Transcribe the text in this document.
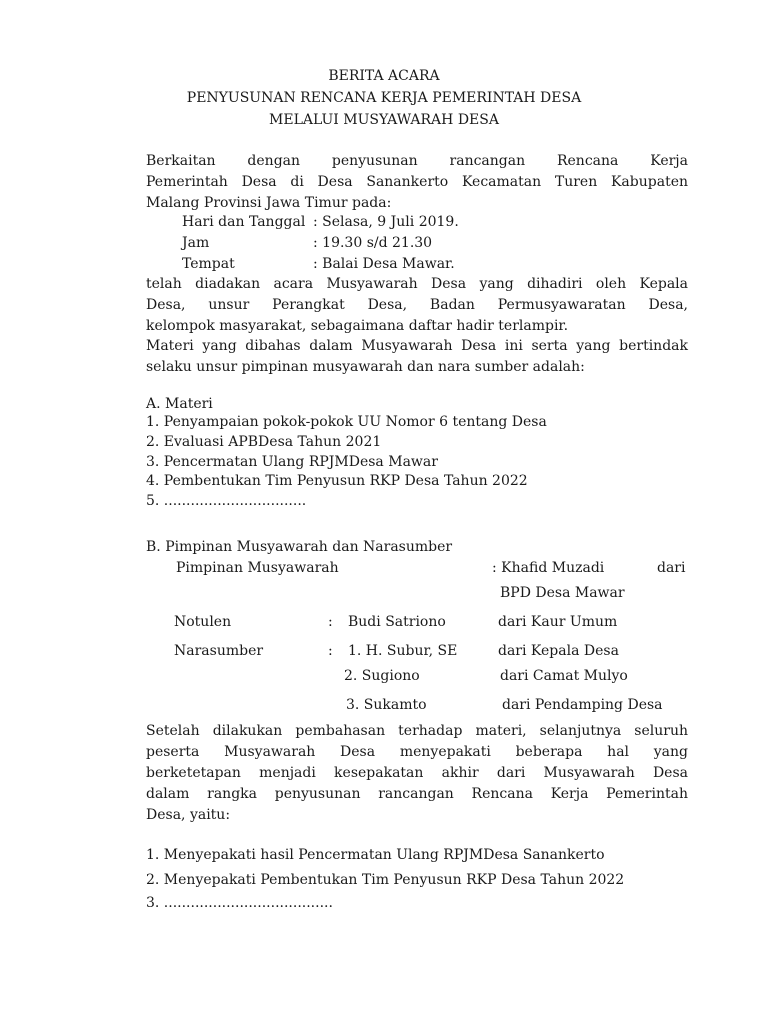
BERITA ACARA
PENYUSUNAN RENCANA KERJA PEMERINTAH DESA
MELALUI MUSYAWARAH DESA
Berkaitan dengan penyusunan rancangan Rencana Kerja
Pemerintah Desa di Desa Sanankerto Kecamatan Turen Kabupaten
Malang Provinsi Jawa Timur pada:
Hari dan Tanggal : Selasa, 9 Juli 2019.
Jam	: 19.30 s/d 21.30
Tempat	: Balai Desa Mawar.
telah diadakan acara Musyawarah Desa yang dihadiri oleh Kepala
Desa, unsur Perangkat Desa, Badan Permusyawaratan Desa,
kelompok masyarakat, sebagaimana daftar hadir terlampir.
Materi yang dibahas dalam Musyawarah Desa ini serta yang bertindak
selaku unsur pimpinan musyawarah dan nara sumber adalah:
A. Materi
1. Penyampaian pokok-pokok UU Nomor 6 tentang Desa
2. Evaluasi APBDesa Tahun 2021
3. Pencermatan Ulang RPJMDesa Mawar
4. Pembentukan Tim Penyusun RKP Desa Tahun 2022
5. ................................
B. Pimpinan Musyawarah dan Narasumber
Pimpinan Musyawarah	: Khafid Muzadi	dari
BPD Desa Mawar
Notulen	: Budi Satriono	dari Kaur Umum
Narasumber	: 1. H. Subur, SE	dari Kepala Desa
2. Sugiono	dari Camat Mulyo
3. Sukamto	dari Pendamping Desa
Setelah dilakukan pembahasan terhadap materi, selanjutnya seluruh
peserta Musyawarah Desa menyepakati beberapa hal yang
berketetapan menjadi kesepakatan akhir dari Musyawarah Desa
dalam rangka penyusunan rancangan Rencana Kerja Pemerintah
Desa, yaitu:
1. Menyepakati hasil Pencermatan Ulang RPJMDesa Sanankerto
2. Menyepakati Pembentukan Tim Penyusun RKP Desa Tahun 2022
3. ......................................
